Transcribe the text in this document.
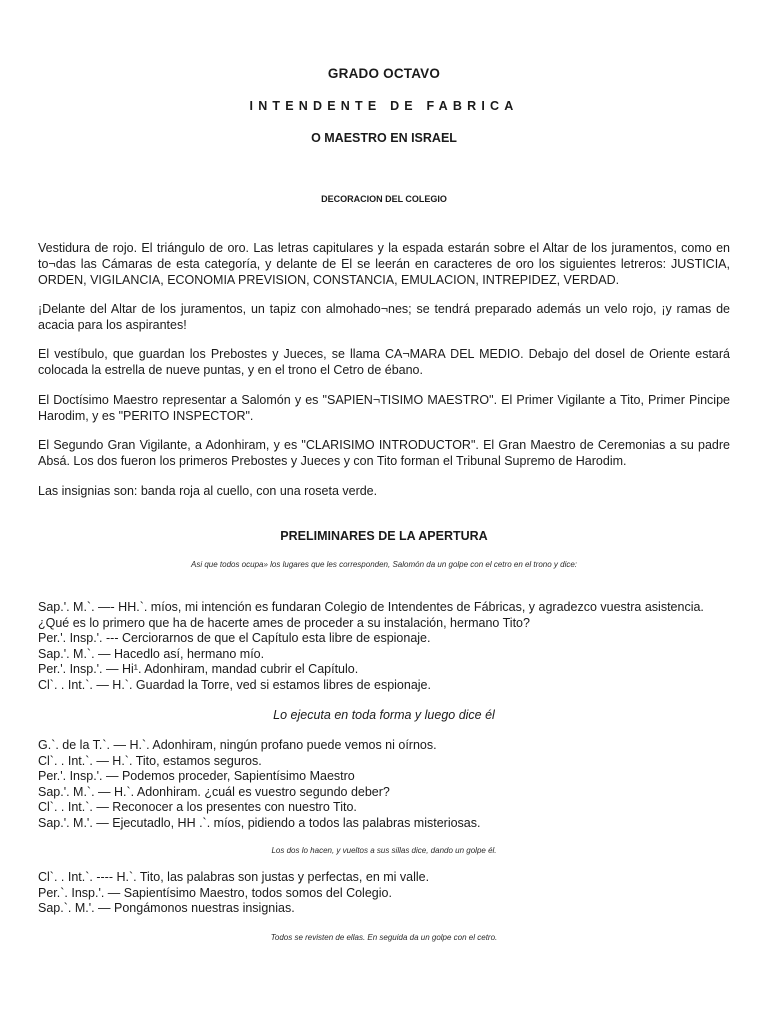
GRADO OCTAVO
INTENDENTE DE FABRICA
O MAESTRO EN ISRAEL
DECORACION DEL COLEGIO

Vestidura de rojo. El triángulo de oro. Las letras capitulares y la espada estarán sobre el Altar de los juramentos, como en to¬das las Cámaras de esta categoría, y delante de El se leerán en caracteres de oro los siguientes letreros: JUSTICIA, ORDEN, VIGILANCIA, ECONOMIA PREVISION, CONSTANCIA, EMULACION, INTREPIDEZ, VERDAD.

¡Delante del Altar de los juramentos, un tapiz con almohado¬nes; se tendrá preparado además un velo rojo, ¡y ramas de acacia para los aspirantes!

El vestíbulo, que guardan los Prebostes y Jueces, se llama CA¬MARA DEL MEDIO. Debajo del dosel de Oriente estará colocada la estrella de nueve puntas, y en el trono el Cetro de ébano.

El Doctísimo Maestro representar a Salomón y es "SAPIEN¬TISIMO MAESTRO". El Primer Vigilante a Tito, Primer Pincipe Harodim, y es "PERITO INSPECTOR".

El Segundo Gran Vigilante, a Adonhiram, y es "CLARISIMO INTRODUCTOR". El Gran Maestro de Ceremonias a su padre Absá. Los dos fueron los primeros Prebostes y Jueces y con Tito forman el Tribunal Supremo de Harodim.

Las insignias son: banda roja al cuello, con una roseta verde.

PRELIMINARES DE LA APERTURA
Asi que todos ocupa» los lugares que les corresponden, Salomón da un golpe con el cetro en el trono y dice:
Sap.'. M.`. —- HH.`. míos, mi intención es fundaran Colegio de Intendentes de Fábricas, y agradezco vuestra asistencia.
¿Qué es lo primero que ha de hacerte ames de proceder a su instalación, hermano Tito?
Per.'. Insp.'. --- Cerciorarnos de que el Capítulo esta libre de espionaje.
Sap.'. M.`. — Hacedlo así, hermano mío.
Per.'. Insp.'. — Hi¹. Adonhiram, mandad cubrir el Capítulo.
Cl`. . Int.`. — H.`. Guardad la Torre, ved si estamos libres de espionaje.
Lo ejecuta en toda forma y luego dice él
G.`. de la T.`. — H.`. Adonhiram, ningún profano puede vemos ni oírnos.
Cl`. . Int.`. — H.`. Tito, estamos seguros.
Per.'. Insp.'. — Podemos proceder, Sapientísimo Maestro
Sap.'. M.`. — H.`. Adonhiram. ¿cuál es vuestro segundo deber?
Cl`. . Int.`. — Reconocer a los presentes con nuestro Tito.
Sap.'. M.'. — Ejecutadlo, HH .`. míos, pidiendo a todos las palabras misteriosas.
Los dos lo hacen, y vueltos a sus sillas dice, dando un golpe él.
Cl`. . Int.`. ---- H.`. Tito, las palabras son justas y perfectas, en mi valle.
Per.`. Insp.'. — Sapientísimo Maestro, todos somos del Colegio.
Sap.`. M.'. — Pongámonos nuestras insignias.
Todos se revisten de ellas. En seguida da un golpe con el cetro.
